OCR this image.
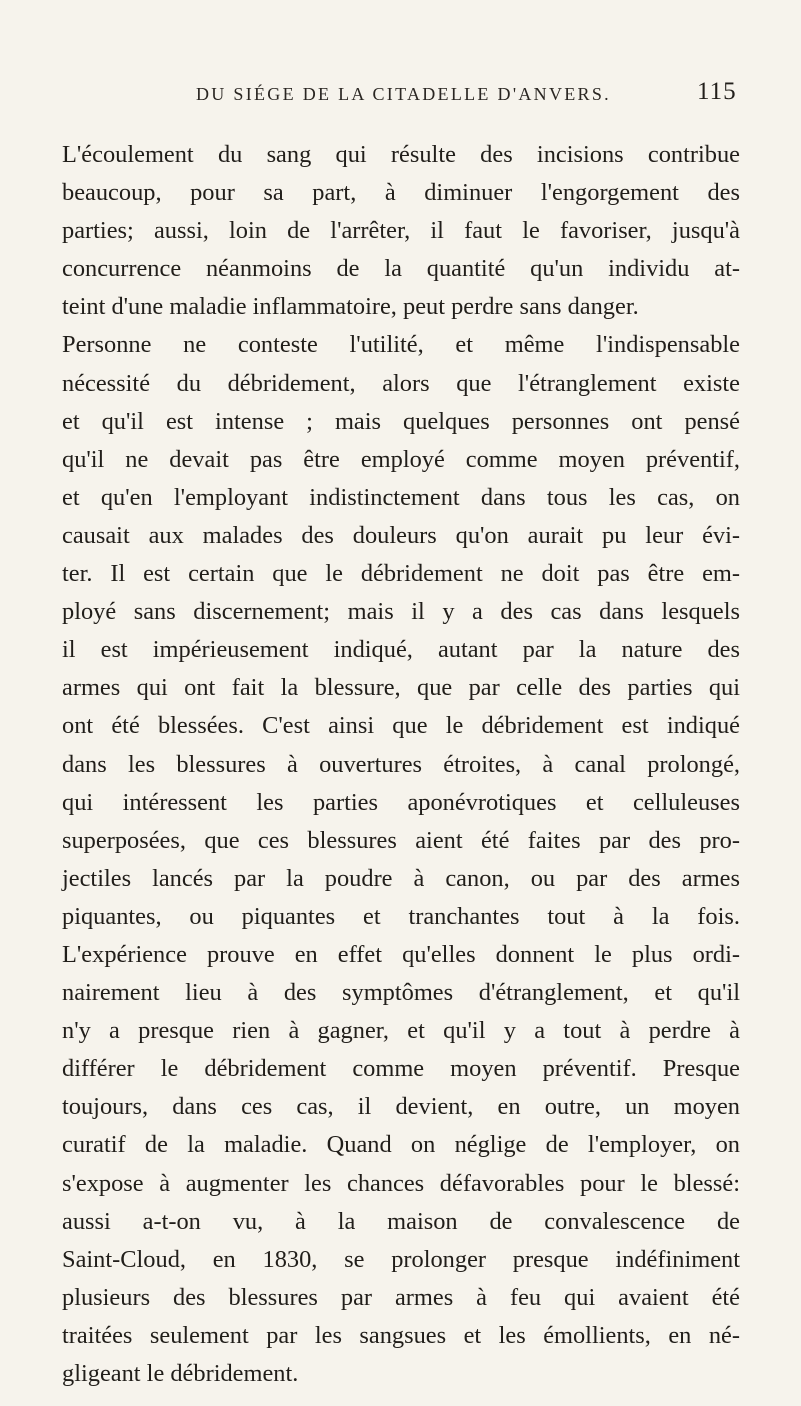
DU SIÉGE DE LA CITADELLE D'ANVERS.	115
L'écoulement du sang qui résulte des incisions contribue
beaucoup, pour sa part, à diminuer l'engorgement des
parties; aussi, loin de l'arrêter, il faut le favoriser, jusqu'à
concurrence néanmoins de la quantité qu'un individu at-
teint d'une maladie inflammatoire, peut perdre sans danger.
Personne ne conteste l'utilité, et même l'indispensable
nécessité du débridement, alors que l'étranglement existe
et qu'il est intense ; mais quelques personnes ont pensé
qu'il ne devait pas être employé comme moyen préventif,
et qu'en l'employant indistinctement dans tous les cas, on
causait aux malades des douleurs qu'on aurait pu leur évi-
ter. Il est certain que le débridement ne doit pas être em-
ployé sans discernement; mais il y a des cas dans lesquels
il est impérieusement indiqué, autant par la nature des
armes qui ont fait la blessure, que par celle des parties qui
ont été blessées. C'est ainsi que le débridement est indiqué
dans les blessures à ouvertures étroites, à canal prolongé,
qui intéressent les parties aponévrotiques et celluleuses
superposées, que ces blessures aient été faites par des pro-
jectiles lancés par la poudre à canon, ou par des armes
piquantes, ou piquantes et tranchantes tout à la fois.
L'expérience prouve en effet qu'elles donnent le plus ordi-
nairement lieu à des symptômes d'étranglement, et qu'il
n'y a presque rien à gagner, et qu'il y a tout à perdre à
différer le débridement comme moyen préventif. Presque
toujours, dans ces cas, il devient, en outre, un moyen
curatif de la maladie. Quand on néglige de l'employer, on
s'expose à augmenter les chances défavorables pour le blessé:
aussi a-t-on vu, à la maison de convalescence de
Saint-Cloud, en 1830, se prolonger presque indéfiniment
plusieurs des blessures par armes à feu qui avaient été
traitées seulement par les sangsues et les émollients, en né-
gligeant le débridement.
